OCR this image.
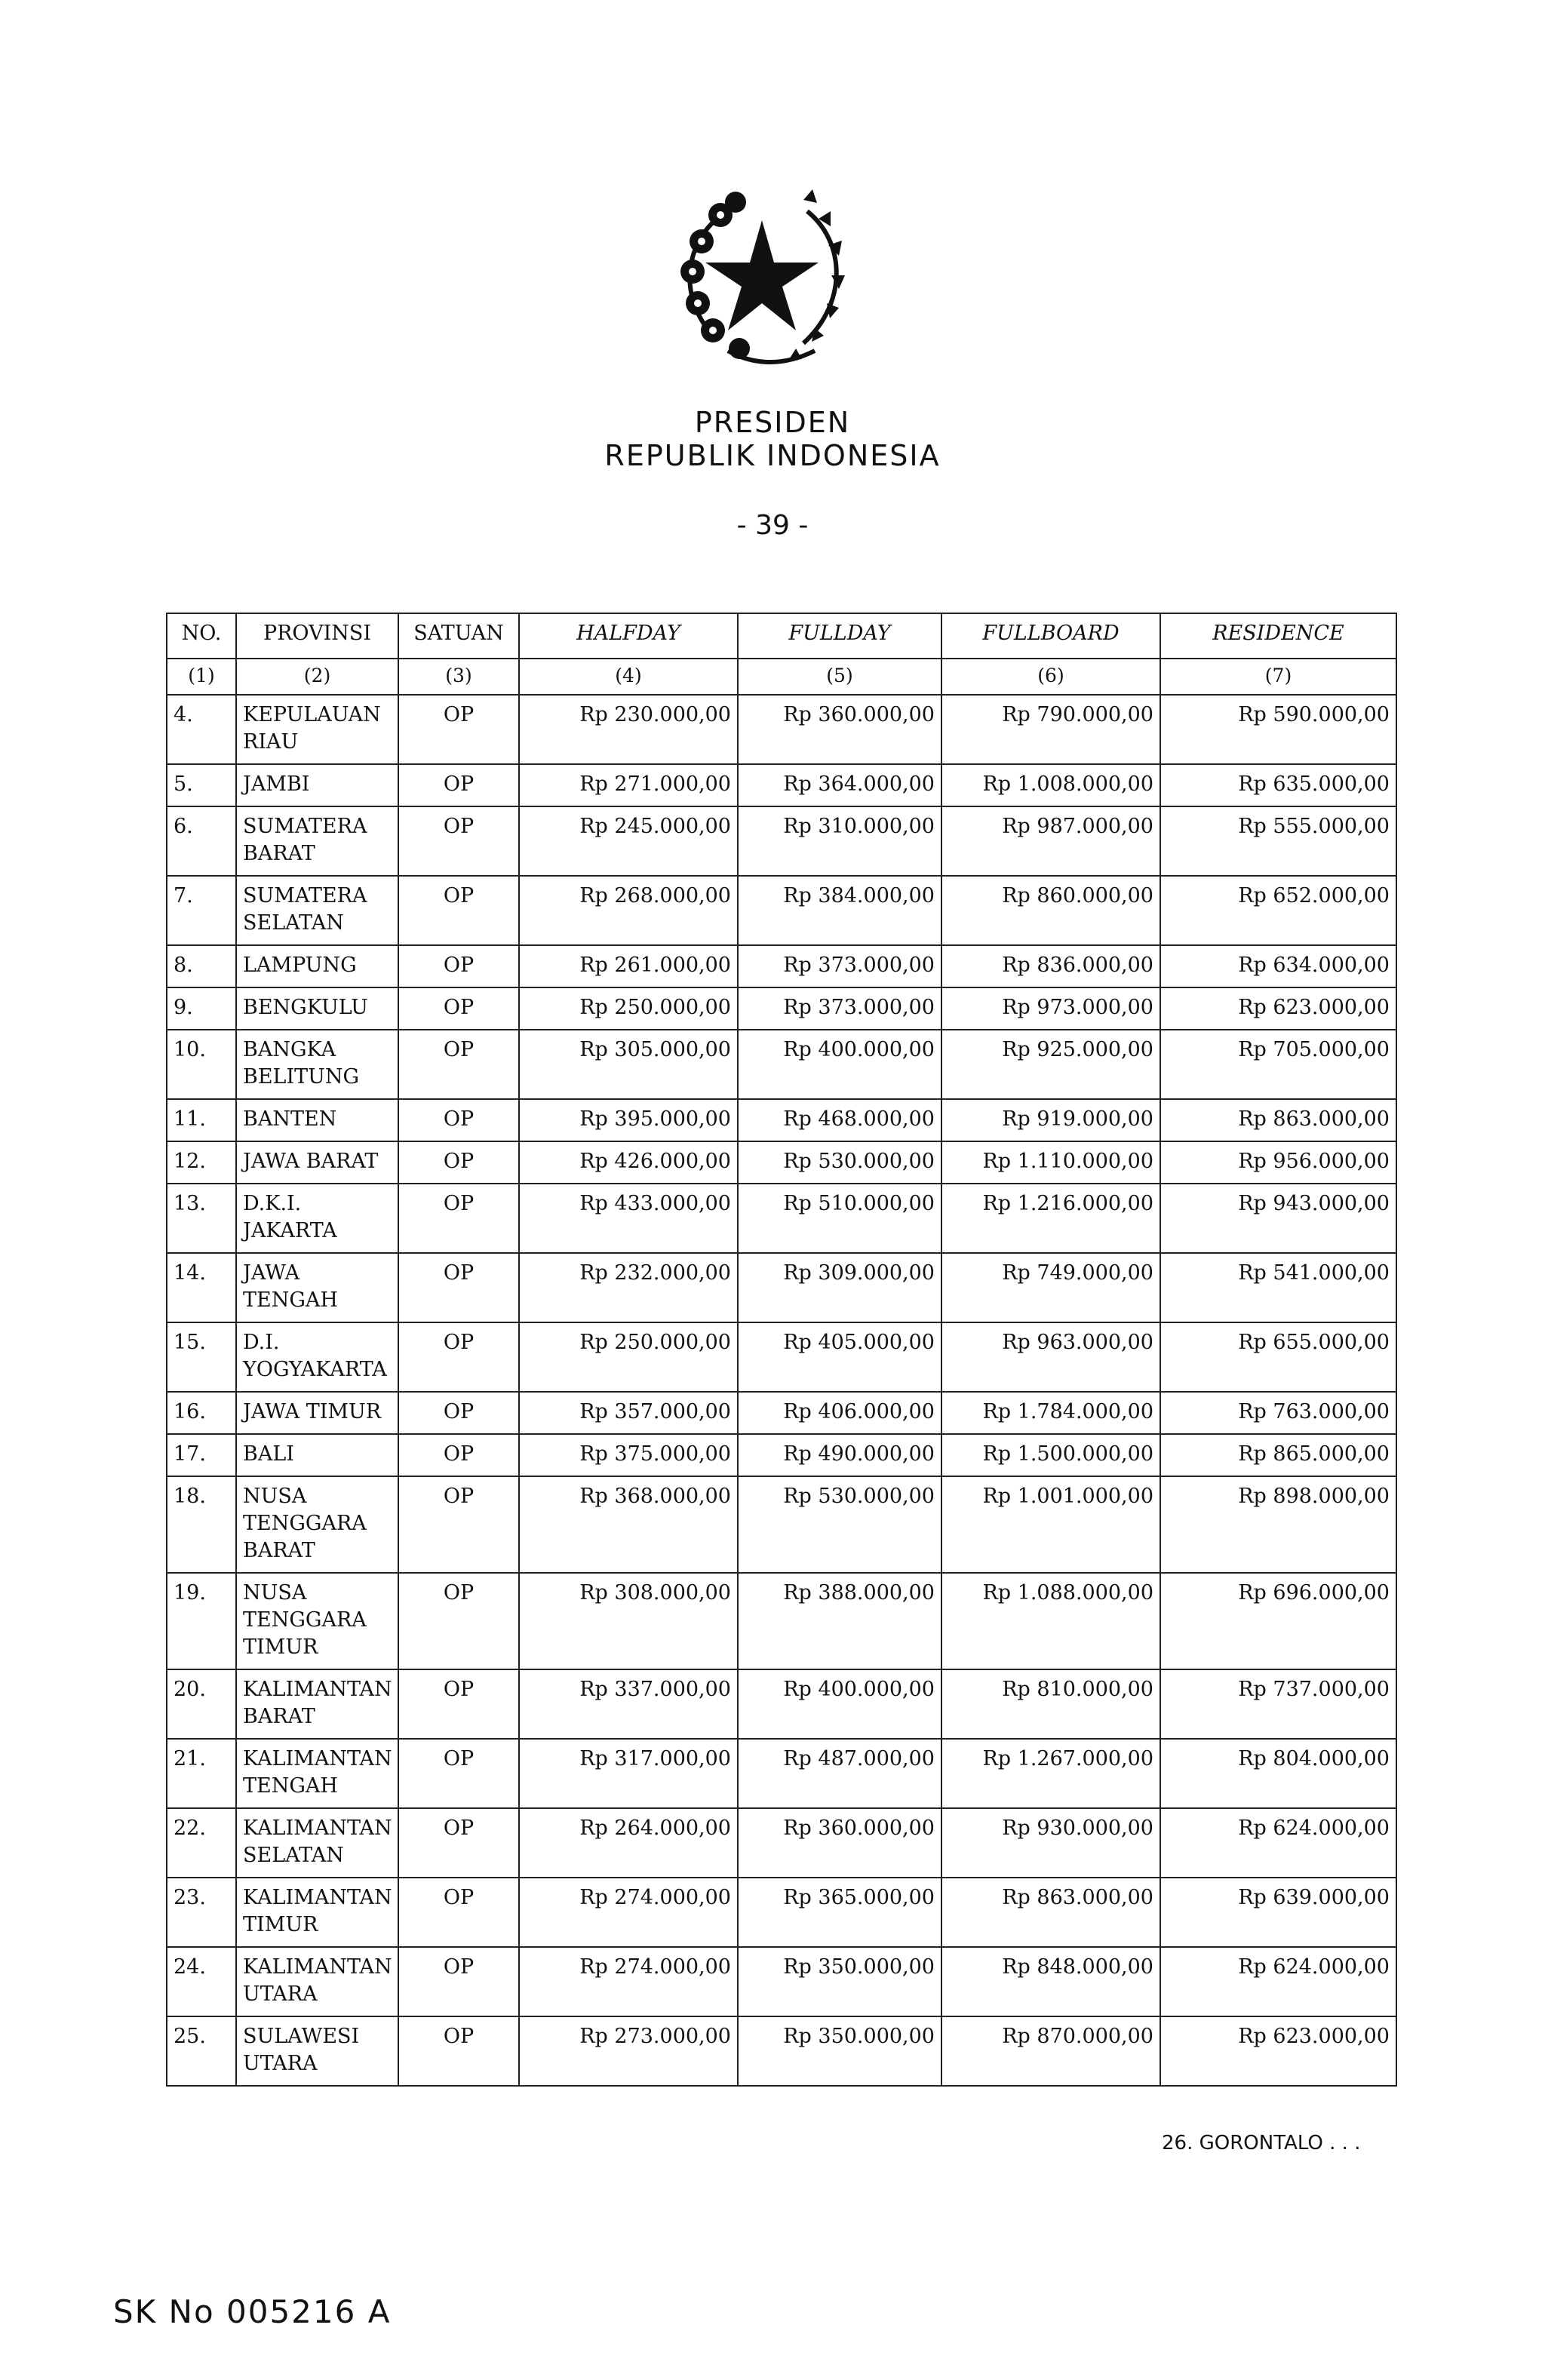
PRESIDEN
REPUBLIK INDONESIA
- 39 -
NO.	PROVINSI	SATUAN	HALFDAY	FULLDAY	FULLBOARD	RESIDENCE
(1)	(2)	(3)	(4)	(5)	(6)	(7)
4.	KEPULAUAN RIAU	OP	Rp 230.000,00	Rp 360.000,00	Rp 790.000,00	Rp 590.000,00
5.	JAMBI	OP	Rp 271.000,00	Rp 364.000,00	Rp 1.008.000,00	Rp 635.000,00
6.	SUMATERA BARAT	OP	Rp 245.000,00	Rp 310.000,00	Rp 987.000,00	Rp 555.000,00
7.	SUMATERA SELATAN	OP	Rp 268.000,00	Rp 384.000,00	Rp 860.000,00	Rp 652.000,00
8.	LAMPUNG	OP	Rp 261.000,00	Rp 373.000,00	Rp 836.000,00	Rp 634.000,00
9.	BENGKULU	OP	Rp 250.000,00	Rp 373.000,00	Rp 973.000,00	Rp 623.000,00
10.	BANGKA BELITUNG	OP	Rp 305.000,00	Rp 400.000,00	Rp 925.000,00	Rp 705.000,00
11.	BANTEN	OP	Rp 395.000,00	Rp 468.000,00	Rp 919.000,00	Rp 863.000,00
12.	JAWA BARAT	OP	Rp 426.000,00	Rp 530.000,00	Rp 1.110.000,00	Rp 956.000,00
13.	D.K.I. JAKARTA	OP	Rp 433.000,00	Rp 510.000,00	Rp 1.216.000,00	Rp 943.000,00
14.	JAWA TENGAH	OP	Rp 232.000,00	Rp 309.000,00	Rp 749.000,00	Rp 541.000,00
15.	D.I. YOGYAKARTA	OP	Rp 250.000,00	Rp 405.000,00	Rp 963.000,00	Rp 655.000,00
16.	JAWA TIMUR	OP	Rp 357.000,00	Rp 406.000,00	Rp 1.784.000,00	Rp 763.000,00
17.	BALI	OP	Rp 375.000,00	Rp 490.000,00	Rp 1.500.000,00	Rp 865.000,00
18.	NUSA TENGGARA BARAT	OP	Rp 368.000,00	Rp 530.000,00	Rp 1.001.000,00	Rp 898.000,00
19.	NUSA TENGGARA TIMUR	OP	Rp 308.000,00	Rp 388.000,00	Rp 1.088.000,00	Rp 696.000,00
20.	KALIMANTAN BARAT	OP	Rp 337.000,00	Rp 400.000,00	Rp 810.000,00	Rp 737.000,00
21.	KALIMANTAN TENGAH	OP	Rp 317.000,00	Rp 487.000,00	Rp 1.267.000,00	Rp 804.000,00
22.	KALIMANTAN SELATAN	OP	Rp 264.000,00	Rp 360.000,00	Rp 930.000,00	Rp 624.000,00
23.	KALIMANTAN TIMUR	OP	Rp 274.000,00	Rp 365.000,00	Rp 863.000,00	Rp 639.000,00
24.	KALIMANTAN UTARA	OP	Rp 274.000,00	Rp 350.000,00	Rp 848.000,00	Rp 624.000,00
25.	SULAWESI UTARA	OP	Rp 273.000,00	Rp 350.000,00	Rp 870.000,00	Rp 623.000,00
26. GORONTALO . . .
SK No 005216 A
